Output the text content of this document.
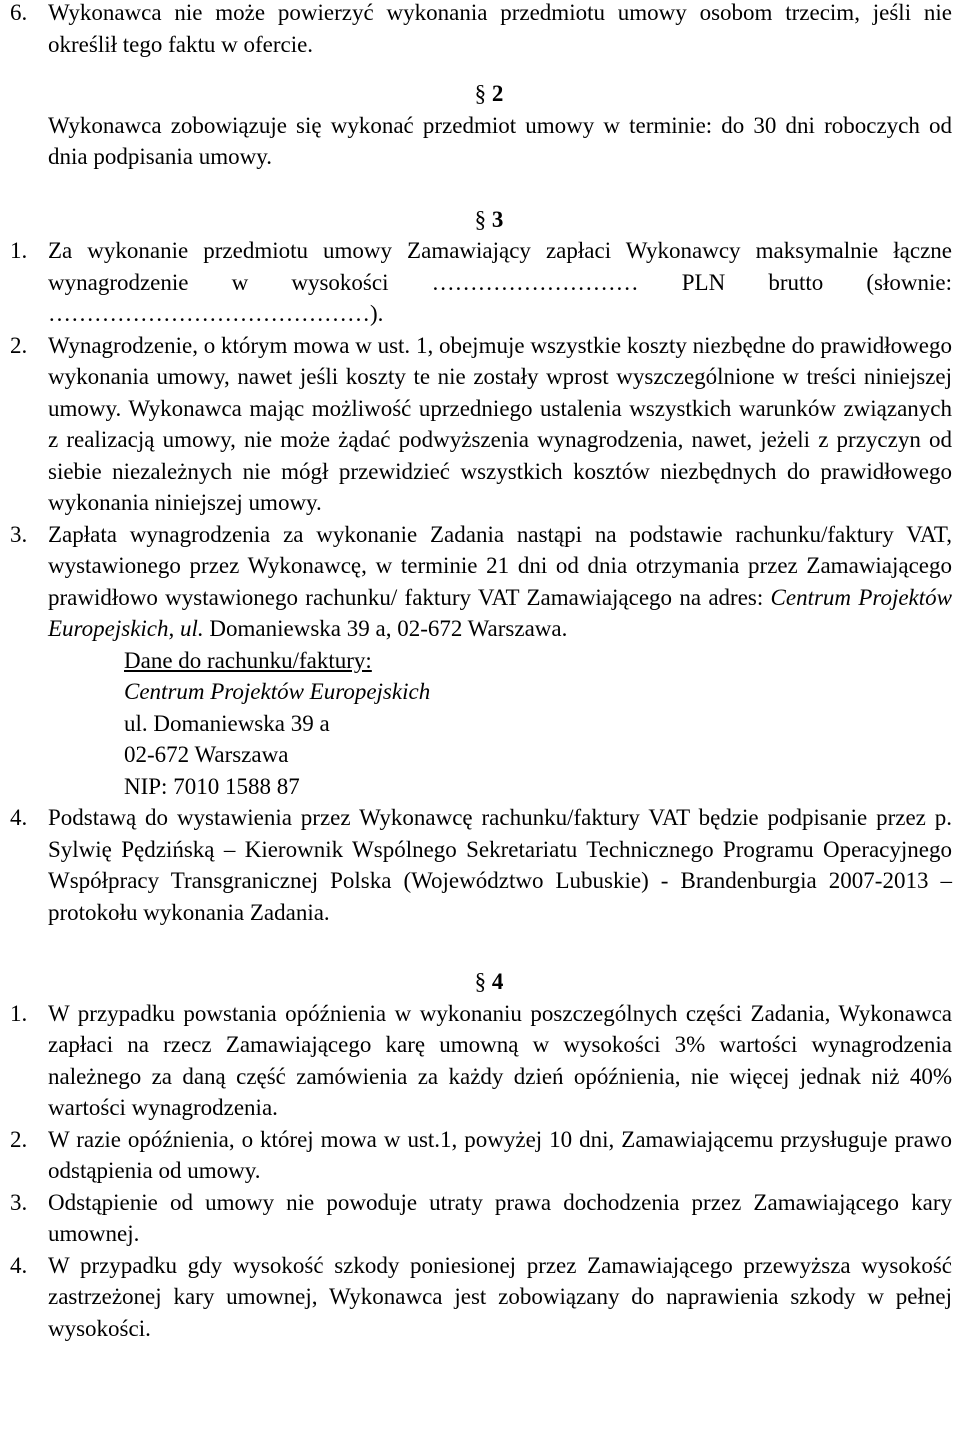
6. Wykonawca nie może powierzyć wykonania przedmiotu umowy osobom trzecim, jeśli nie określił tego faktu w ofercie.
§ 2
Wykonawca zobowiązuje się wykonać przedmiot umowy w terminie: do 30 dni roboczych od dnia podpisania umowy.
§ 3
1. Za wykonanie przedmiotu umowy Zamawiający zapłaci Wykonawcy maksymalnie łączne wynagrodzenie w wysokości ……………………… PLN brutto (słownie: ……………………………………).
2. Wynagrodzenie, o którym mowa w ust. 1, obejmuje wszystkie koszty niezbędne do prawidłowego wykonania umowy, nawet jeśli koszty te nie zostały wprost wyszczególnione w treści niniejszej umowy. Wykonawca mając możliwość uprzedniego ustalenia wszystkich warunków związanych z realizacją umowy, nie może żądać podwyższenia wynagrodzenia, nawet, jeżeli z przyczyn od siebie niezależnych nie mógł przewidzieć wszystkich kosztów niezbędnych do prawidłowego wykonania niniejszej umowy.
3. Zapłata wynagrodzenia za wykonanie Zadania nastąpi na podstawie rachunku/faktury VAT, wystawionego przez Wykonawcę, w terminie 21 dni od dnia otrzymania przez Zamawiającego prawidłowo wystawionego rachunku/ faktury VAT Zamawiającego na adres: Centrum Projektów Europejskich, ul. Domaniewska 39 a, 02-672 Warszawa.
Dane do rachunku/faktury:
Centrum Projektów Europejskich
ul. Domaniewska 39 a
02-672 Warszawa
NIP: 7010 1588 87
4. Podstawą do wystawienia przez Wykonawcę rachunku/faktury VAT będzie podpisanie przez p. Sylwię Pędzińską – Kierownik Wspólnego Sekretariatu Technicznego Programu Operacyjnego Współpracy Transgranicznej Polska (Województwo Lubuskie) - Brandenburgia 2007-2013 – protokołu wykonania Zadania.
§ 4
1. W przypadku powstania opóźnienia w wykonaniu poszczególnych części Zadania, Wykonawca zapłaci na rzecz Zamawiającego karę umowną w wysokości 3% wartości wynagrodzenia należnego za daną część zamówienia za każdy dzień opóźnienia, nie więcej jednak niż 40% wartości wynagrodzenia.
2. W razie opóźnienia, o której mowa w ust.1, powyżej 10 dni, Zamawiającemu przysługuje prawo odstąpienia od umowy.
3. Odstąpienie od umowy nie powoduje utraty prawa dochodzenia przez Zamawiającego kary umownej.
4. W przypadku gdy wysokość szkody poniesionej przez Zamawiającego przewyższa wysokość zastrzeżonej kary umownej, Wykonawca jest zobowiązany do naprawienia szkody w pełnej wysokości.
